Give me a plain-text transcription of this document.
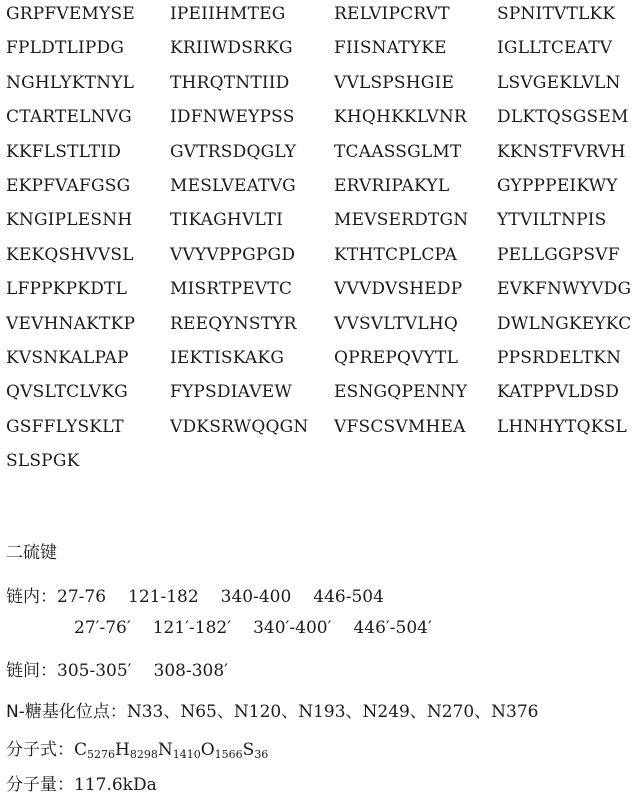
GRPFVEMYSE IPEIIHMTEG	RELVIPCRVT	SPNITVTLKK
FPLDTLIPDG	KRIIWDSRKG FIISNATYKE	IGLLTCEATV
NGHLYKTNYL THRQTNTIID	VVLSPSHGIE	LSVGEKLVLN
CTARTELNVG IDFNWEYPSS KHQHKKLVNR DLKTQSGSEM
KKFLSTLTID	GVTRSDQGLY TCAASSGLMT KKNSTFVRVH
EKPFVAFGSG MESLVEATVG ERVRIPAKYL	GYPPPEIKWY
KNGIPLESNH TIKAGHVLTI	MEVSERDTGN YTVILTNPIS
KEKQSHVVSL VVYVPPGPGD KTHTCPLCPA PELLGGPSVF
LFPPKPKDTL	MISRTPEVTC VVVDVSHEDP EVKFNWYVDG
VEVHNAKTKP REEQYNSTYR VVSVLTVLHQ DWLNGKEYKC
KVSNKALPAP IEKTISKAKG	QPREPQVYTL PPSRDELTKN
QVSLTCLVKG FYPSDIAVEW ESNGQPENNY KATPPVLDSD
GSFFLYSKLT	VDKSRWQQGN VFSCSVMHEA LHNHYTQKSL
SLSPGK
二硫键
链内：27-76 121-182 340-400 446-504
27′-76′ 121′-182′ 340′-400′ 446′-504′
链间：305-305′ 308-308′
N-糖基化位点：N33、N65、N120、N193、N249、N270、N376
分子式：$C_{5276}H_{8298}N_{1410}O_{1566}S_{36}$
分子量：117.6kDa
